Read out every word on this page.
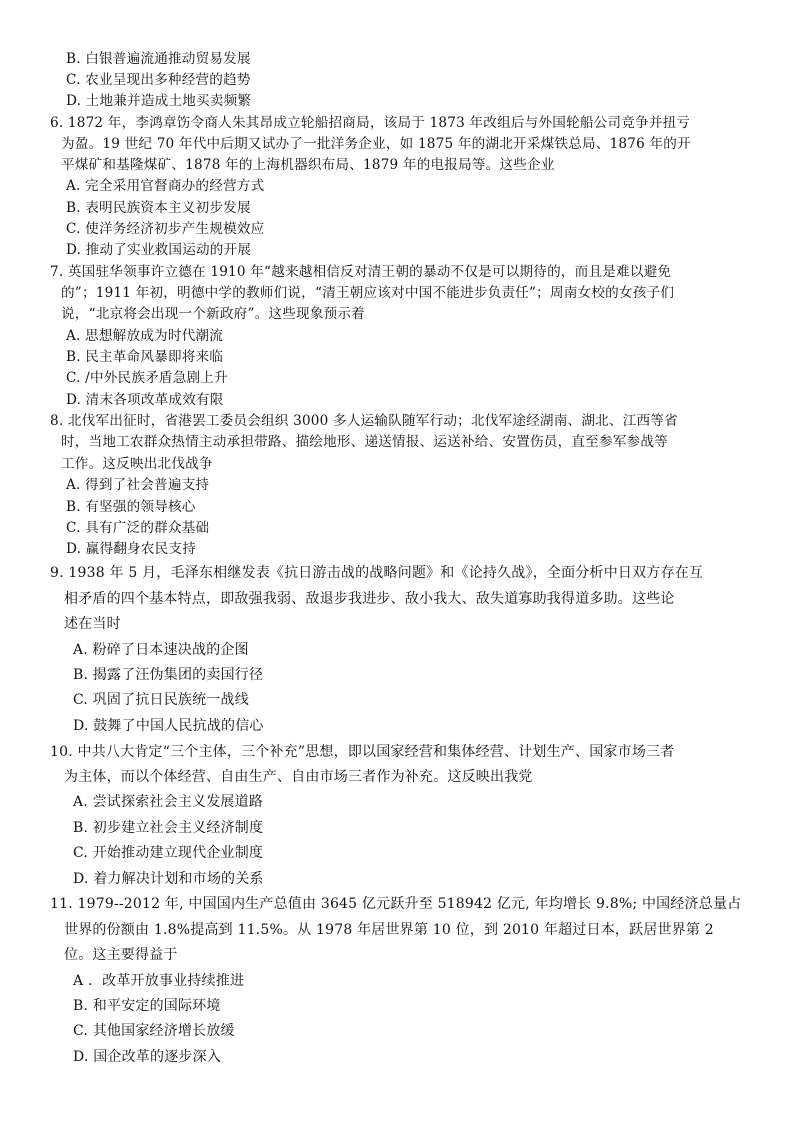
B. 白银普遍流通推动贸易发展
C. 农业呈现出多种经营的趋势
D. 土地兼并造成土地买卖频繁
6. 1872 年，李鸿章饬令商人朱其昂成立轮船招商局，该局于 1873 年改组后与外国轮船公司竞争并扭亏
为盈。19 世纪 70 年代中后期又试办了一批洋务企业，如 1875 年的湖北开采煤铁总局、1876 年的开
平煤矿和基隆煤矿、1878 年的上海机器织布局、1879 年的电报局等。这些企业
A. 完全采用官督商办的经营方式
B. 表明民族资本主义初步发展
C. 使洋务经济初步产生规模效应
D. 推动了实业救国运动的开展
7. 英国驻华领事许立德在 1910 年“越来越相信反对清王朝的暴动不仅是可以期待的，而且是难以避免
的”；1911 年初，明德中学的教师们说，“清王朝应该对中国不能进步负责任”；周南女校的女孩子们
说，“北京将会出现一个新政府”。这些现象预示着
A. 思想解放成为时代潮流
B. 民主革命风暴即将来临
C. /中外民族矛盾急剧上升
D. 清末各项改革成效有限
8. 北伐军出征时，省港罢工委员会组织 3000 多人运输队随军行动；北伐军途经湖南、湖北、江西等省
时，当地工农群众热情主动承担带路、描绘地形、递送情报、运送补给、安置伤员，直至参军参战等
工作。这反映出北伐战争
A. 得到了社会普遍支持
B. 有坚强的领导核心
C. 具有广泛的群众基础
D. 赢得翻身农民支持
9. 1938 年 5 月，毛泽东相继发表《抗日游击战的战略问题》和《论持久战》，全面分析中日双方存在互
相矛盾的四个基本特点，即敌强我弱、敌退步我进步、敌小我大、敌失道寡助我得道多助。这些论
述在当时
A. 粉碎了日本速决战的企图
B. 揭露了汪伪集团的卖国行径
C. 巩固了抗日民族统一战线
D. 鼓舞了中国人民抗战的信心
10. 中共八大肯定“三个主体，三个补充”思想，即以国家经营和集体经营、计划生产、国家市场三者
为主体，而以个体经营、自由生产、自由市场三者作为补充。这反映出我党
A. 尝试探索社会主义发展道路
B. 初步建立社会主义经济制度
C. 开始推动建立现代企业制度
D. 着力解决计划和市场的关系
11. 1979--2012 年, 中国国内生产总值由 3645 亿元跃升至 518942 亿元, 年均增长 9.8%; 中国经济总量占
世界的份额由 1.8%提高到 11.5%。从 1978 年居世界第 10 位，到 2010 年超过日本，跃居世界第 2
位。这主要得益于
A ．改革开放事业持续推进
B. 和平安定的国际环境
C. 其他国家经济增长放缓
D. 国企改革的逐步深入
